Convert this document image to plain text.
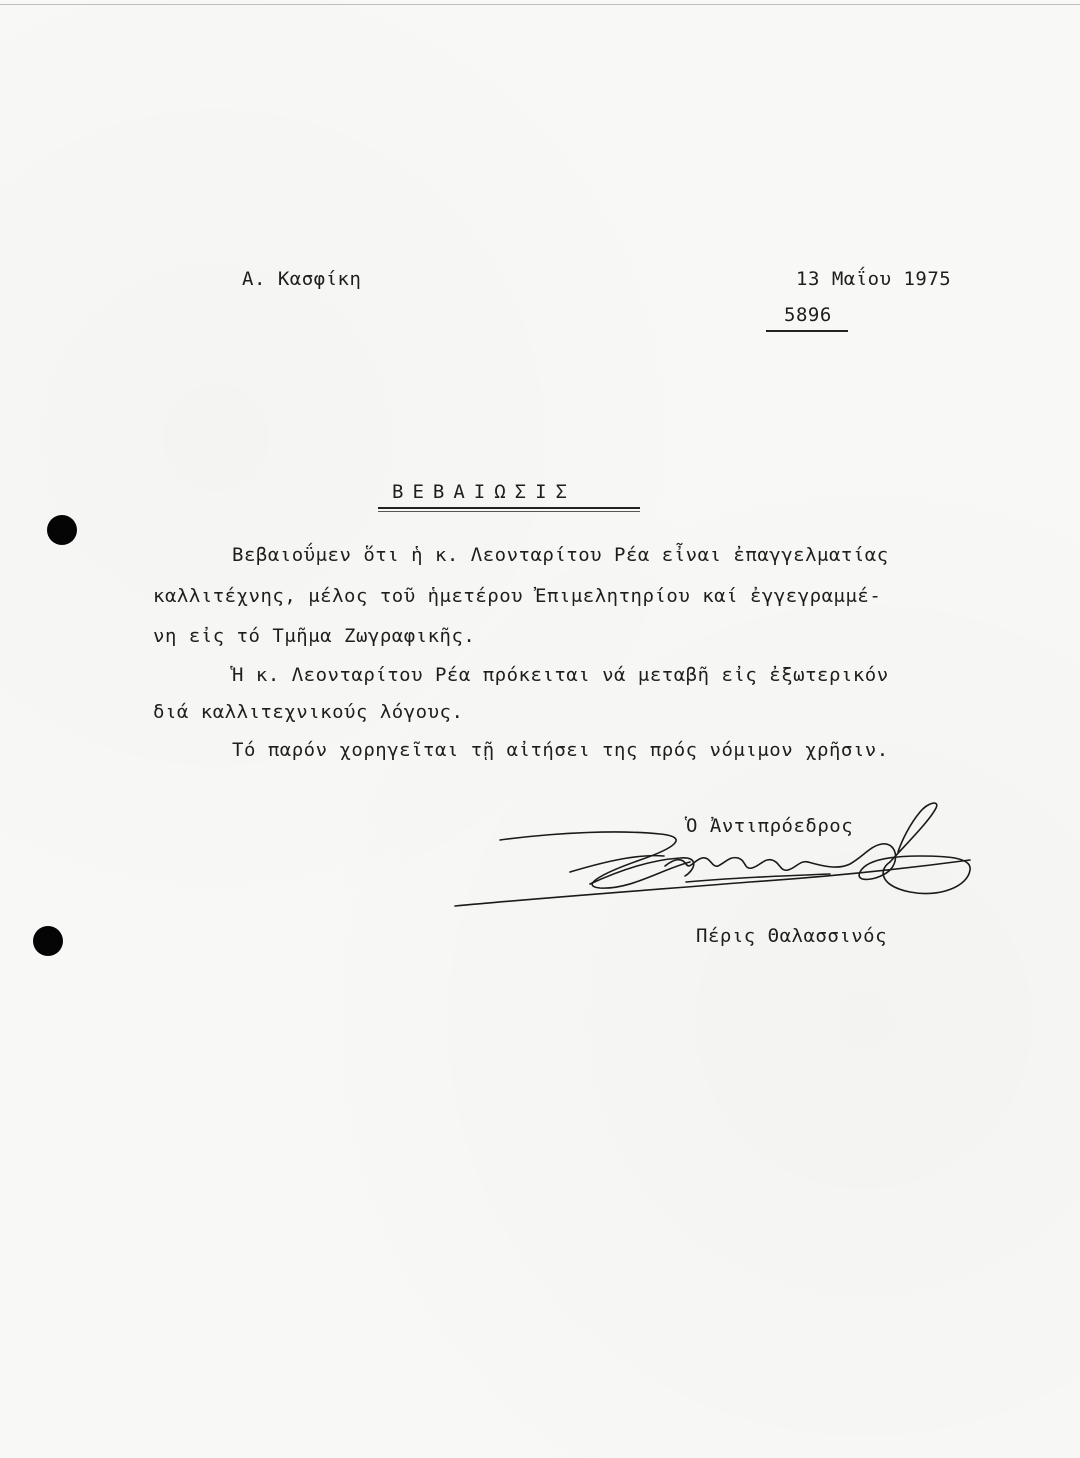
Α. Κασφίκη	13 Μαΐου 1975
5896
ΒΕΒΑΙΩΣΙΣ
Βεβαιοΰμεν ὅτι ἡ κ. Λεονταρίτου Ρέα εἶναι ἐπαγγελματίας
καλλιτέχνης, μέλος τοῦ ἡμετέρου Ἐπιμελητηρίου καί ἐγγεγραμμέ-
νη εἰς τό Τμῆμα Ζωγραφικῆς.
Ἡ κ. Λεονταρίτου Ρέα πρόκειται νά μεταβῆ εἰς ἐξωτερικόν
διά καλλιτεχνικούς λόγους.
Τό παρόν χορηγεῖται τῇ αἰτήσει της πρός νόμιμον χρῆσιν.
Ὁ Ἀντιπρόεδρος
Πέρις Θαλασσινός
